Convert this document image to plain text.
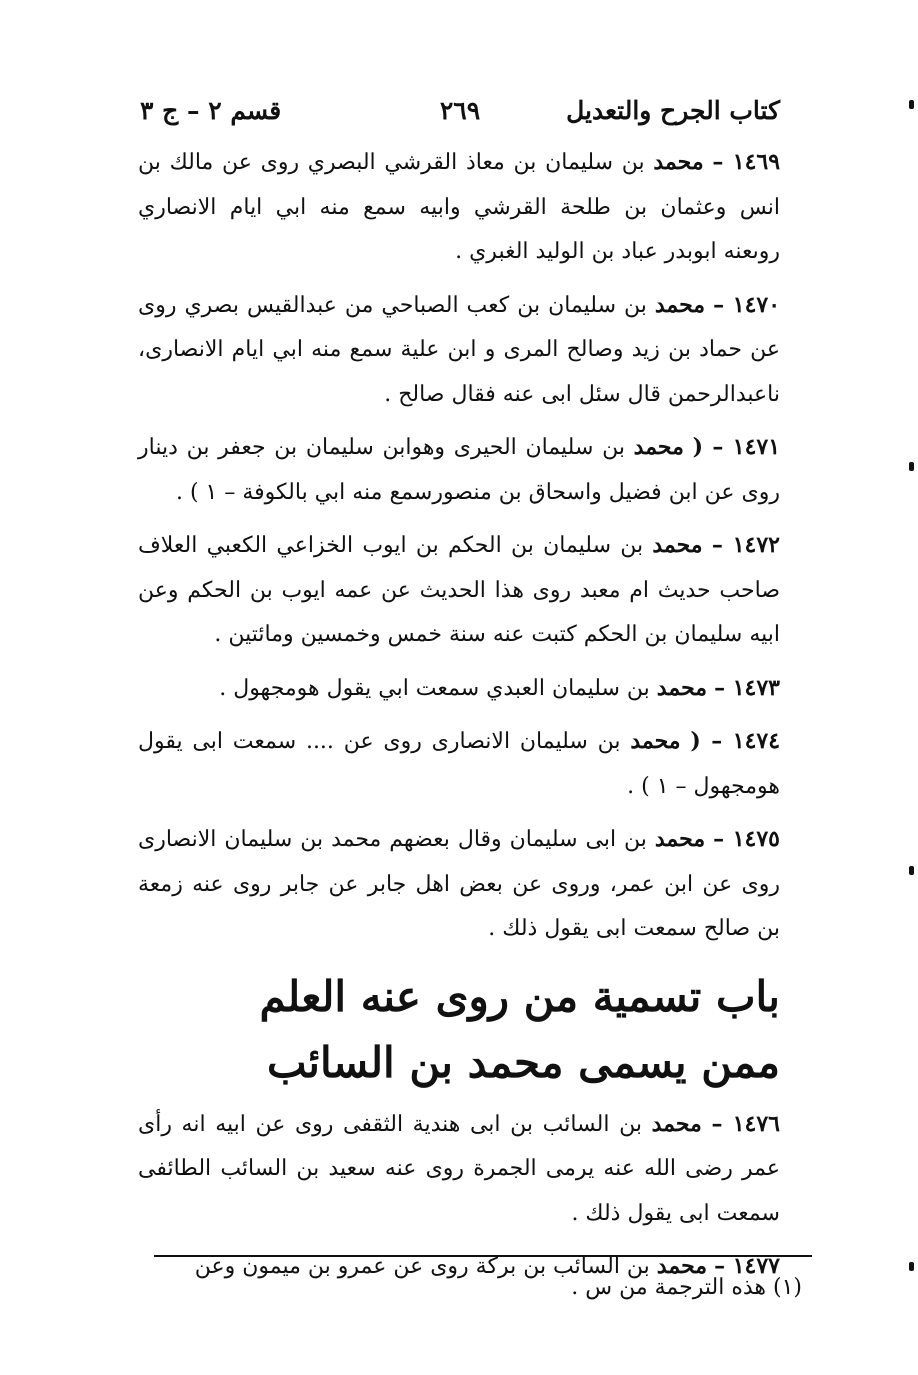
كتاب الجرح والتعديل
٢٦٩
قسم ٢ – ج ٣

١٤٦٩ – محمد بن سليمان بن معاذ القرشي البصري روى عن مالك بن انس وعثمان بن طلحة القرشي وابيه سمع منه ابي ايام الانصاري روىعنه ابوبدر عباد بن الوليد الغبري .

١٤٧٠ – محمد بن سليمان بن كعب الصباحي من عبدالقيس بصري روى عن حماد بن زيد وصالح المرى و ابن علية سمع منه ابي ايام الانصارى، ناعبدالرحمن قال سئل ابى عنه فقال صالح .

١٤٧١ – ( محمد بن سليمان الحيرى وهوابن سليمان بن جعفر بن دينار روى عن ابن فضيل واسحاق بن منصورسمع منه ابي بالكوفة – ١ ) .

١٤٧٢ – محمد بن سليمان بن الحكم بن ايوب الخزاعي الكعبي العلاف صاحب حديث ام معبد روى هذا الحديث عن عمه ايوب بن الحكم وعن ابيه سليمان بن الحكم كتبت عنه سنة خمس وخمسين ومائتين .

١٤٧٣ – محمد بن سليمان العبدي سمعت ابي يقول هومجهول .

١٤٧٤ – ( محمد بن سليمان الانصارى روى عن .... سمعت ابى يقول هومجهول – ١ ) .

١٤٧٥ – محمد بن ابى سليمان وقال بعضهم محمد بن سليمان الانصارى روى عن ابن عمر، وروى عن بعض اهل جابر عن جابر روى عنه زمعة بن صالح سمعت ابى يقول ذلك .

باب تسمية من روى عنه العلم
ممن يسمى محمد بن السائب

١٤٧٦ – محمد بن السائب بن ابى هندية الثقفى روى عن ابيه انه رأى عمر رضى الله عنه يرمى الجمرة روى عنه سعيد بن السائب الطائفى سمعت ابى يقول ذلك .

١٤٧٧ – محمد بن السائب بن بركة روى عن عمرو بن ميمون وعن

(١) هذه الترجمة من س .
